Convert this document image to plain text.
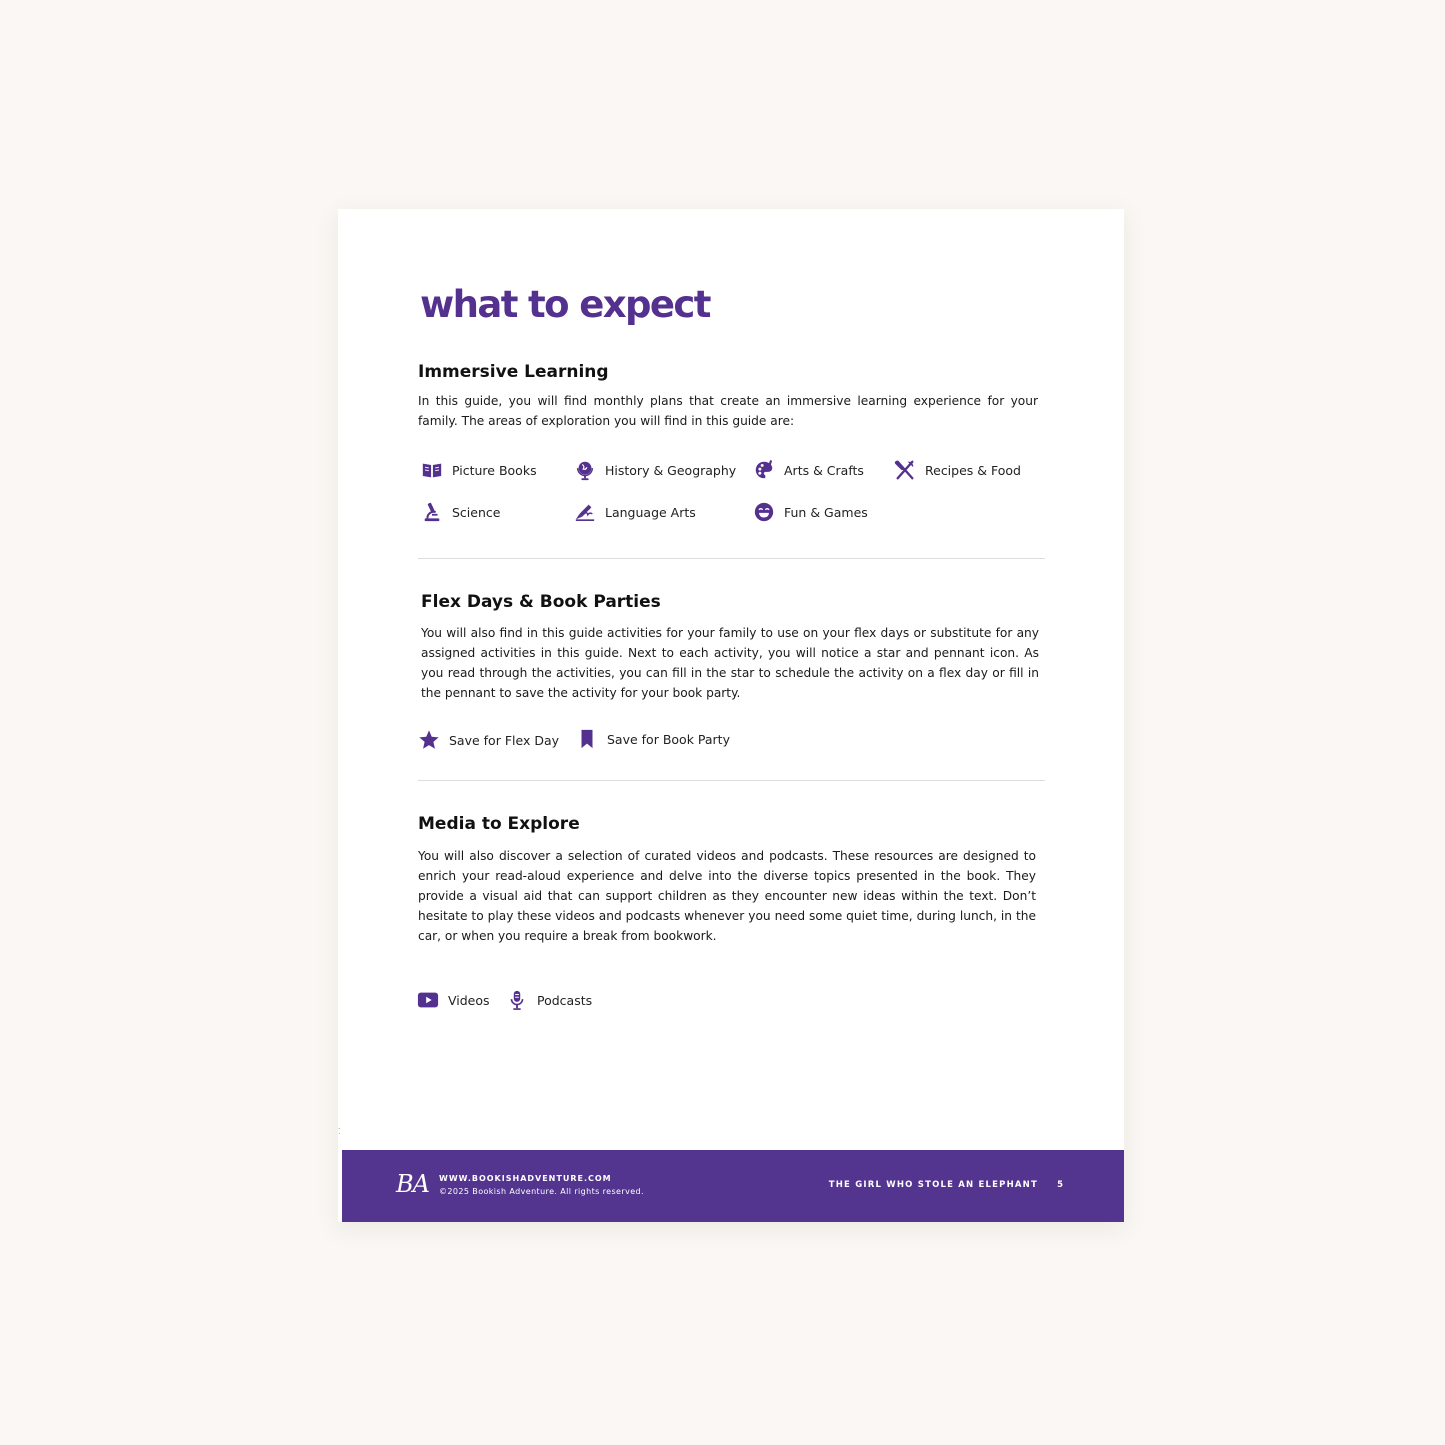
what to expect
Immersive Learning

In this guide, you will find monthly plans that create an immersive learning experience for your family. The areas of exploration you will find in this guide are:

Picture Books	History & Geography	Arts & Crafts	Recipes & Food
Science	Language Arts	Fun & Games
Flex Days & Book Parties

You will also find in this guide activities for your family to use on your flex days or substitute for any assigned activities in this guide. Next to each activity, you will notice a star and pennant icon. As you read through the activities, you can fill in the star to schedule the activity on a flex day or fill in the pennant to save the activity for your book party.

Save for Flex Day	Save for Book Party
Media to Explore

You will also discover a selection of curated videos and podcasts. These resources are designed to enrich your read-aloud experience and delve into the diverse topics presented in the book. They provide a visual aid that can support children as they encounter new ideas within the text. Don’t hesitate to play these videos and podcasts whenever you need some quiet time, during lunch, in the car, or when you require a break from bookwork.

Videos	Podcasts
⁚
BA WWW.BOOKISHADVENTURE.COM
©2025 Bookish Adventure. All rights reserved.
THE GIRL WHO STOLE AN ELEPHANT 5
